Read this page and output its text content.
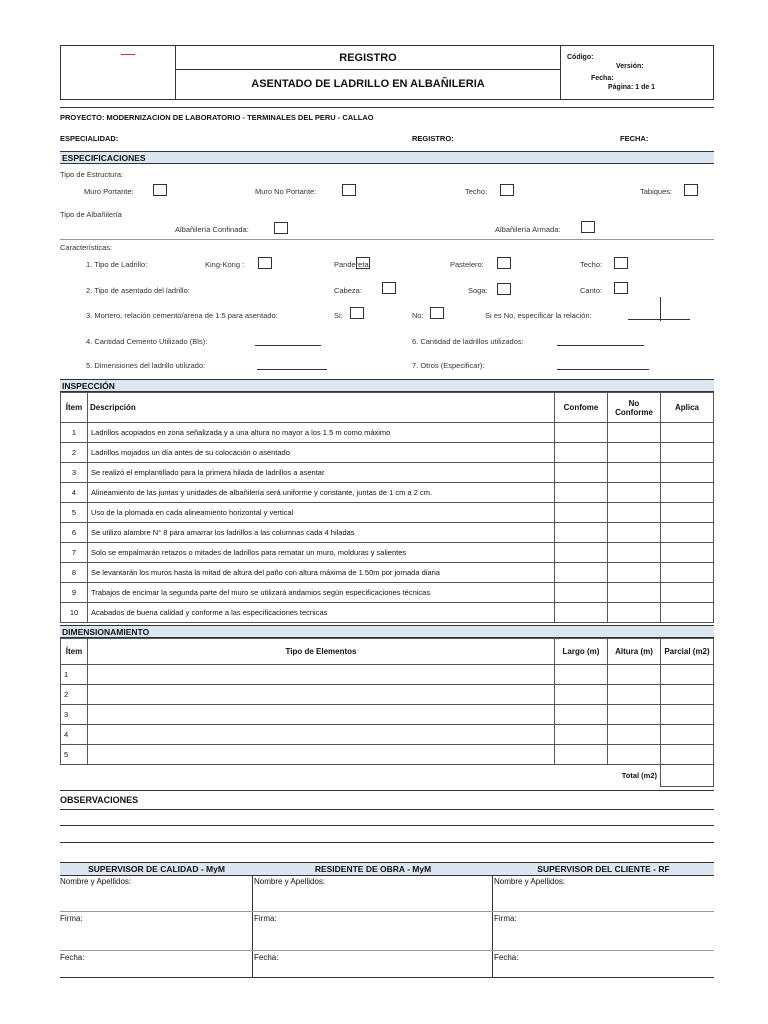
REGISTRO
ASENTADO DE LADRILLO EN ALBAÑILERIA
Código:
Versión:
Fecha:
Página: 1 de 1
PROYECTO: MODERNIZACION DE LABORATORIO - TERMINALES DEL PERU - CALLAO
ESPECIALIDAD:	REGISTRO:	FECHA:
ESPECIFICACIONES
Tipo de Estructura:
Muro Portante:	Muro No Portante:	Techo:	Tabiques:
Tipo de Albañilería
Albañilería Confinada:	Albañilería Armada:
Características:
1. Tipo de Ladrillo:	King-Kong :	Pandereta:	Pastelero:	Techo:
2. Tipo de asentado del ladrillo:	Cabeza:	Soga:	Canto:
3. Mortero, relación cemento/arena de 1:5 para asentado:	Si:	No:	Si es No, especificar la relación:
4. Cantidad Cemento Utilizado (Bls):	6. Cantidad de ladrillos utilizados:
5. Dimensiones del ladrillo utilizado:	7. Otros (Especificar):
INSPECCIÓN
Ítem	Descripción	Confome	No Conforme	Aplica
1	Ladrillos acopiados en zona señalizada y a una altura no mayor a los 1.5 m como máximo			
2	Ladrillos mojados un día antes de su colocación o asentado			
3	Se realizó el emplantillado para la primera hilada de ladrillos a asentar			
4	Alineamiento de las juntas y unidades de albañilería será uniforme y constante, juntas de 1 cm a 2 cm.			
5	Uso de la plomada en cada alineamiento horizontal y vertical			
6	Se utilizo alambre N° 8 para amarrar los ladrillos a las columnas cada 4 hiladas			
7	Solo se empalmarán retazos o mitades de ladrillos para rematar un muro, molduras y salientes			
8	Se levantarán los muros hasta la mitad de altura del paño con altura máxima de 1.50m por jornada diaria			
9	Trabajos de encimar la segunda parte del muro se utilizará andamios según especificaciones técnicas			
10	Acabados de buena calidad y conforme a las especificaciones tecnicas			
DIMENSIONAMIENTO
Ítem	Tipo de Elementos	Largo (m)	Altura (m)	Parcial (m2)
1				
2				
3				
4				
5				
			Total (m2)	
OBSERVACIONES
SUPERVISOR DE CALIDAD - MyM
Nombre y Apellidos:
Firma:
Fecha:
RESIDENTE DE OBRA - MyM
Nombre y Apellidos:
Firma:
Fecha:
SUPERVISOR DEL CLIENTE - RF
Nombre y Apellidos:
Firma:
Fecha:
